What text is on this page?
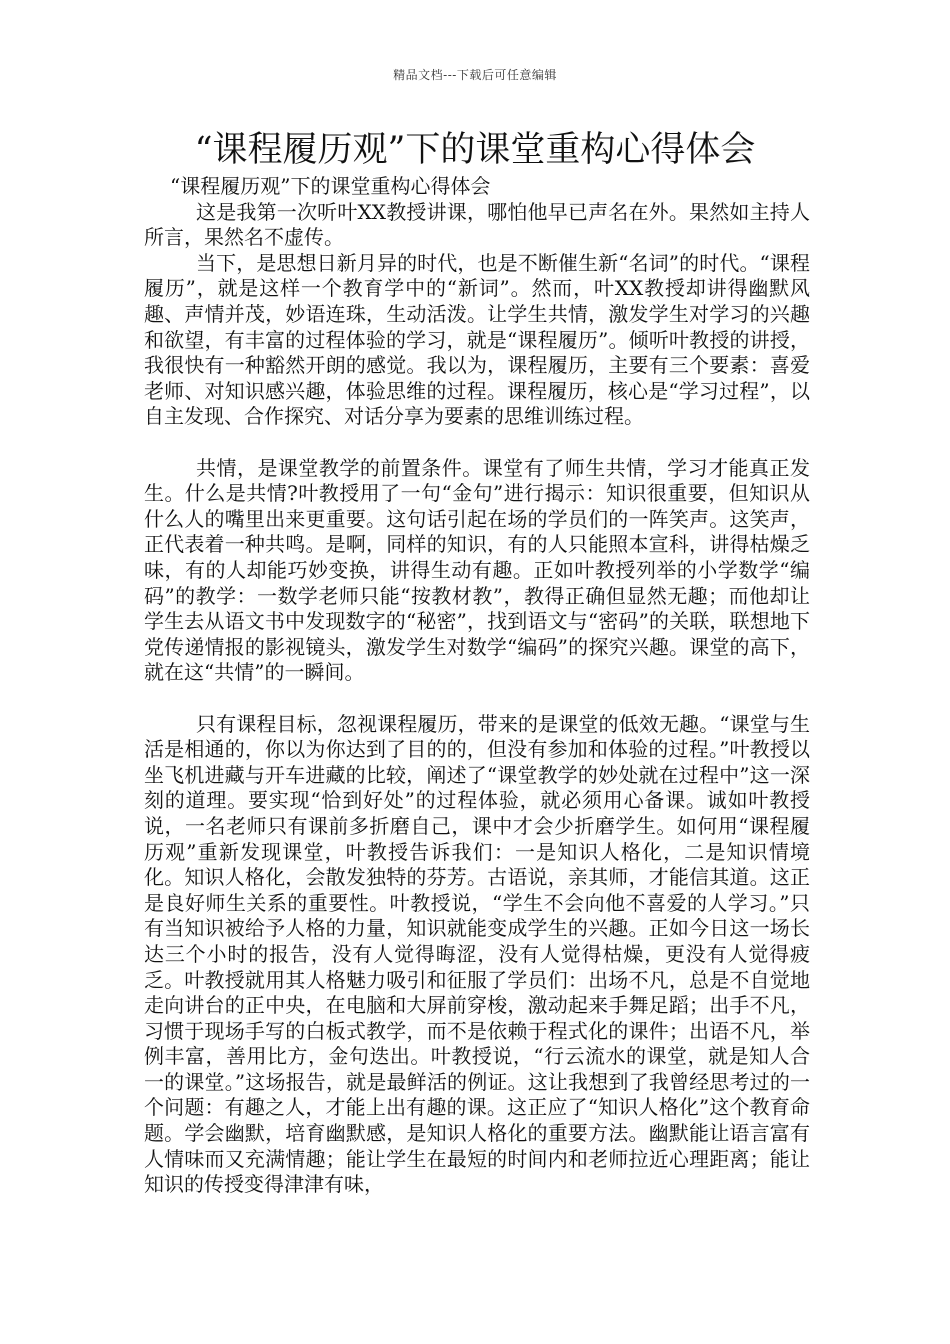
精品文档---下载后可任意编辑
“课程履历观”下的课堂重构心得体会

“课程履历观”下的课堂重构心得体会

这是我第一次听叶XX教授讲课，哪怕他早已声名在外。果然如主持人所言，果然名不虚传。

当下，是思想日新月异的时代，也是不断催生新“名词”的时代。“课程履历”，就是这样一个教育学中的“新词”。然而，叶XX教授却讲得幽默风趣、声情并茂，妙语连珠，生动活泼。让学生共情，激发学生对学习的兴趣和欲望，有丰富的过程体验的学习，就是“课程履历”。倾听叶教授的讲授，我很快有一种豁然开朗的感觉。我以为，课程履历，主要有三个要素：喜爱老师、对知识感兴趣，体验思维的过程。课程履历，核心是“学习过程”，以自主发现、合作探究、对话分享为要素的思维训练过程。

共情，是课堂教学的前置条件。课堂有了师生共情，学习才能真正发生。什么是共情?叶教授用了一句“金句”进行揭示：知识很重要，但知识从什么人的嘴里出来更重要。这句话引起在场的学员们的一阵笑声。这笑声，正代表着一种共鸣。是啊，同样的知识，有的人只能照本宣科，讲得枯燥乏味，有的人却能巧妙变换，讲得生动有趣。正如叶教授列举的小学数学“编码”的教学：一数学老师只能“按教材教”，教得正确但显然无趣；而他却让学生去从语文书中发现数字的“秘密”，找到语文与“密码”的关联，联想地下党传递情报的影视镜头，激发学生对数学“编码”的探究兴趣。课堂的高下，就在这“共情”的一瞬间。

只有课程目标，忽视课程履历，带来的是课堂的低效无趣。“课堂与生活是相通的，你以为你达到了目的的，但没有参加和体验的过程。”叶教授以坐飞机进藏与开车进藏的比较，阐述了“课堂教学的妙处就在过程中”这一深刻的道理。要实现“恰到好处”的过程体验，就必须用心备课。诚如叶教授说，一名老师只有课前多折磨自己，课中才会少折磨学生。如何用“课程履历观”重新发现课堂，叶教授告诉我们：一是知识人格化，二是知识情境化。知识人格化，会散发独特的芬芳。古语说，亲其师，才能信其道。这正是良好师生关系的重要性。叶教授说，“学生不会向他不喜爱的人学习。”只有当知识被给予人格的力量，知识就能变成学生的兴趣。正如今日这一场长达三个小时的报告，没有人觉得晦涩，没有人觉得枯燥，更没有人觉得疲乏。叶教授就用其人格魅力吸引和征服了学员们：出场不凡，总是不自觉地走向讲台的正中央，在电脑和大屏前穿梭，激动起来手舞足蹈；出手不凡，习惯于现场手写的白板式教学，而不是依赖于程式化的课件；出语不凡，举例丰富，善用比方，金句迭出。叶教授说，“行云流水的课堂，就是知人合一的课堂。”这场报告，就是最鲜活的例证。这让我想到了我曾经思考过的一个问题：有趣之人，才能上出有趣的课。这正应了“知识人格化”这个教育命题。学会幽默，培育幽默感，是知识人格化的重要方法。幽默能让语言富有人情味而又充满情趣；能让学生在最短的时间内和老师拉近心理距离；能让知识的传授变得津津有味，
